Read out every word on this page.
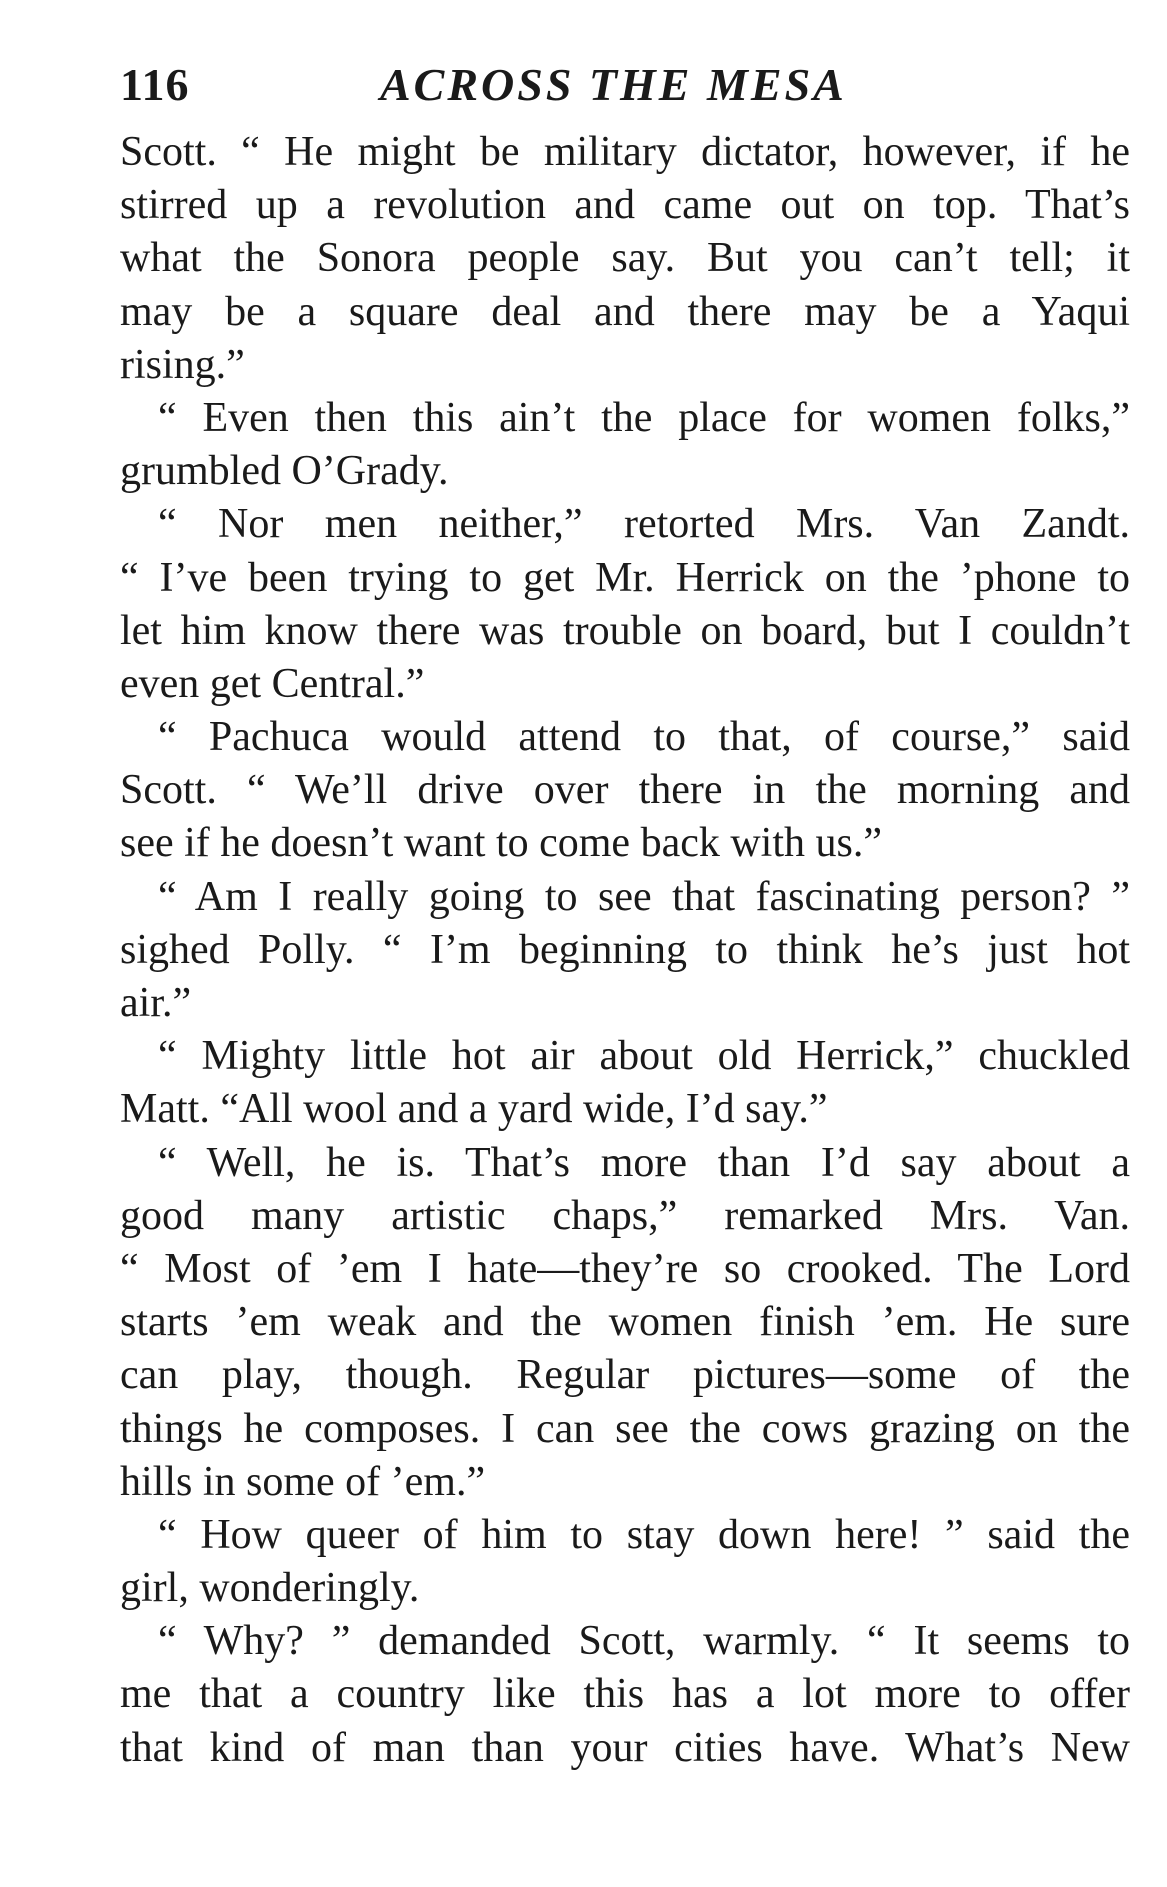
116	ACROSS THE MESA
Scott. “ He might be military dictator, however, if he
stirred up a revolution and came out on top. That’s
what the Sonora people say. But you can’t tell; it
may be a square deal and there may be a Yaqui
rising.”
“ Even then this ain’t the place for women folks,”
grumbled O’Grady.
“ Nor men neither,” retorted Mrs. Van Zandt.
“ I’ve been trying to get Mr. Herrick on the ’phone to
let him know there was trouble on board, but I couldn’t
even get Central.”
“ Pachuca would attend to that, of course,” said
Scott. “ We’ll drive over there in the morning and
see if he doesn’t want to come back with us.”
“ Am I really going to see that fascinating person? ”
sighed Polly. “ I’m beginning to think he’s just hot
air.”
“ Mighty little hot air about old Herrick,” chuckled
Matt. “All wool and a yard wide, I’d say.”
“ Well, he is. That’s more than I’d say about a
good many artistic chaps,” remarked Mrs. Van.
“ Most of ’em I hate—they’re so crooked. The Lord
starts ’em weak and the women finish ’em. He sure
can play, though. Regular pictures—some of the
things he composes. I can see the cows grazing on the
hills in some of ’em.”
“ How queer of him to stay down here! ” said the
girl, wonderingly.
“ Why? ” demanded Scott, warmly. “ It seems to
me that a country like this has a lot more to offer
that kind of man than your cities have. What’s New
